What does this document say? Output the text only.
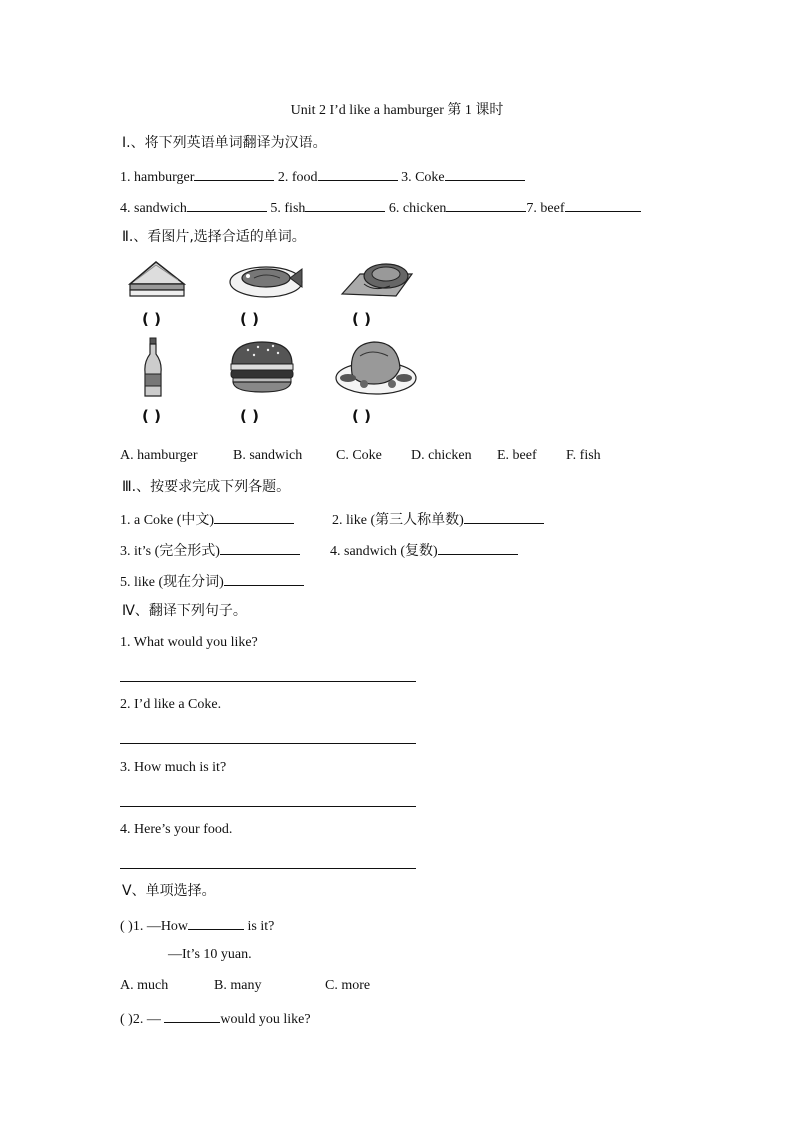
Unit 2 I’d like a hamburger 第 1 课时
Ⅰ.、将下列英语单词翻译为汉语。
1. hamburger	2. food	3. Coke
4. sandwich	5. fish	6. chicken	7. beef
Ⅱ.、看图片,选择合适的单词。
( )	( )	( )
( )	( )	( )
A. hamburger	B. sandwich C. Coke D. chicken E. beef F. fish
Ⅲ.、按要求完成下列各题。
1. a Coke (中文)	2. like (第三人称单数)
3. it’s (完全形式)	4. sandwich (复数)
5. like (现在分词)
Ⅳ、翻译下列句子。
1. What would you like?
2. I’d like a Coke.
3. How much is it?
4. Here’s your food.
Ⅴ、单项选择。
( )1. —How	is it?
—It’s 10 yuan.
A. much	B. many	C. more
( )2. —	would you like?
